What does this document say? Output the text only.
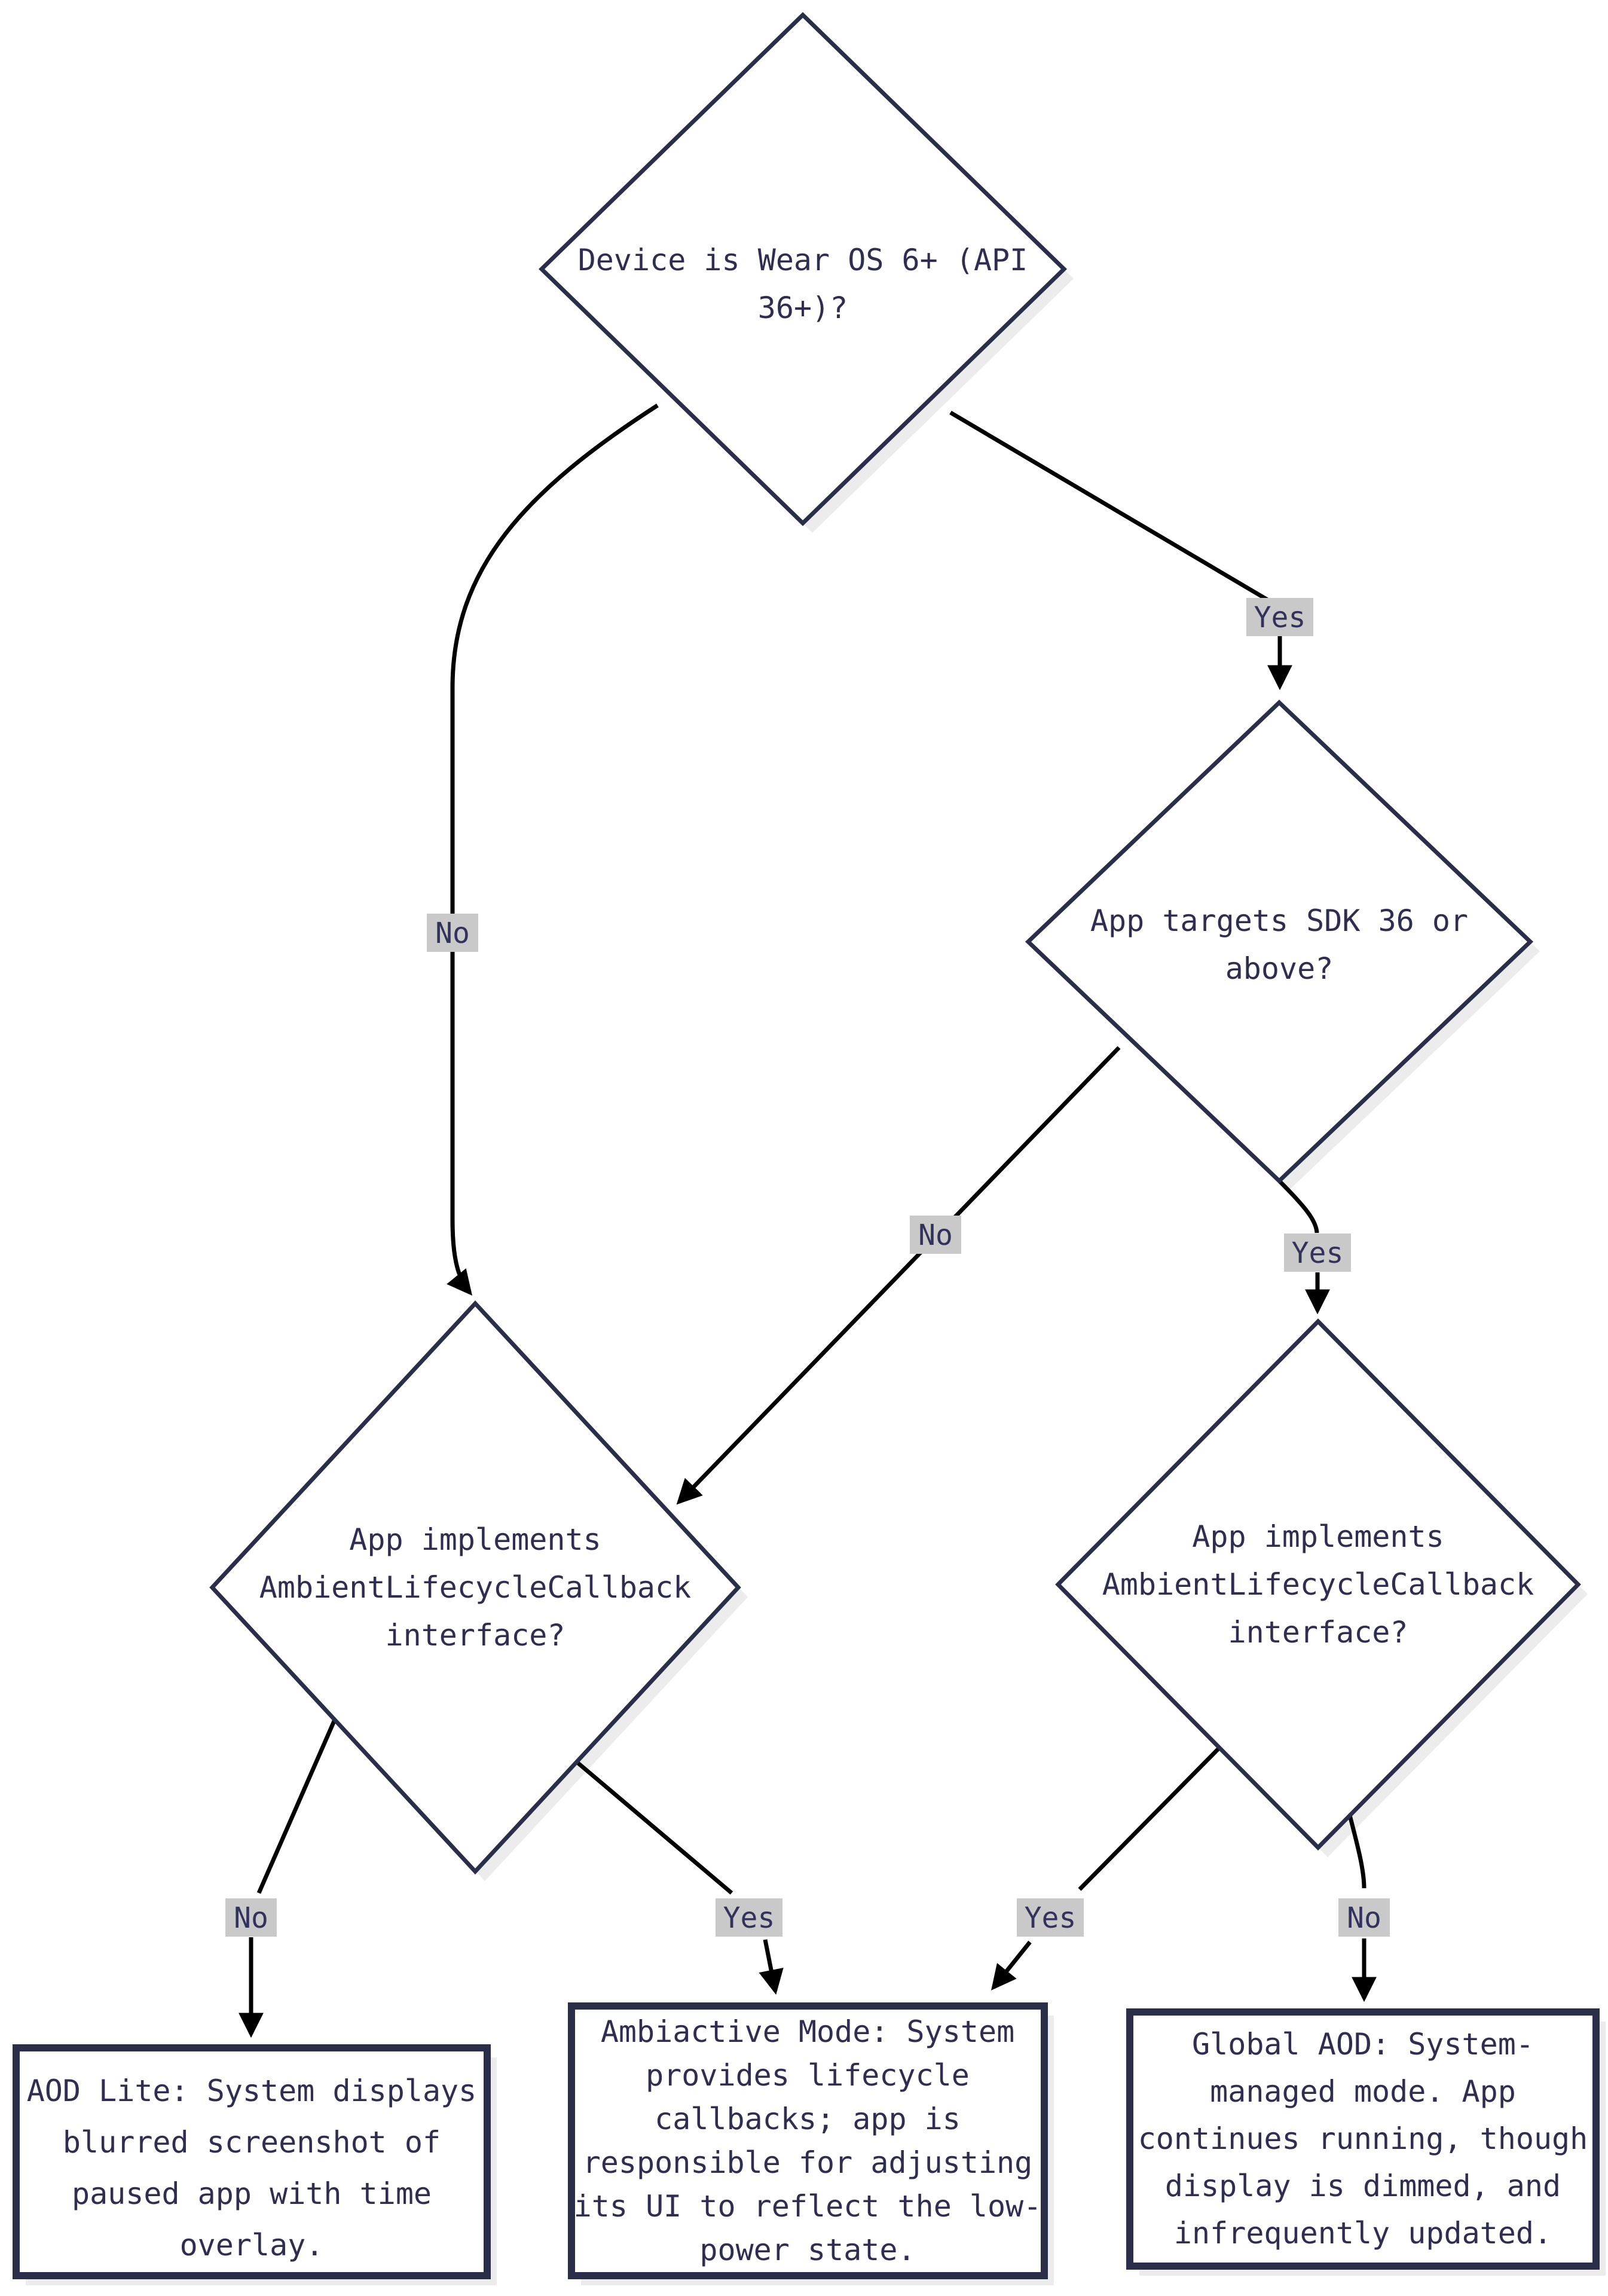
Device is Wear OS 6+ (API
36+)?
App targets SDK 36 or
above?
App implements
AmbientLifecycleCallback
interface?
App implements
AmbientLifecycleCallback
interface?
AOD Lite: System displays
blurred screenshot of
paused app with time
overlay.
Ambiactive Mode: System
provides lifecycle
callbacks; app is
responsible for adjusting
its UI to reflect the low-
power state.
Global AOD: System-
managed mode. App
continues running, though
display is dimmed, and
infrequently updated.
Yes
No
No
Yes
No	Yes	Yes	No
